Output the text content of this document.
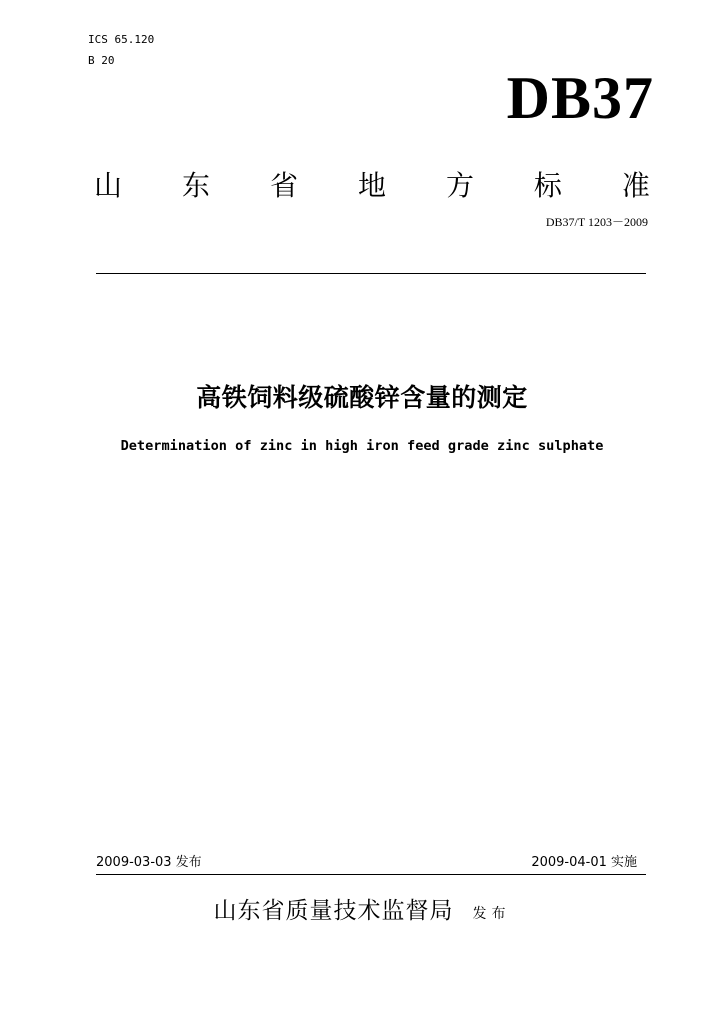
ICS 65.120
B 20
DB37
山 东 省 地 方 标 准
DB37/T 1203－2009
高铁饲料级硫酸锌含量的测定
Determination of zinc in high iron feed grade zinc sulphate
2009-03-03 发布	2009-04-01 实施
山东省质量技术监督局 发布
